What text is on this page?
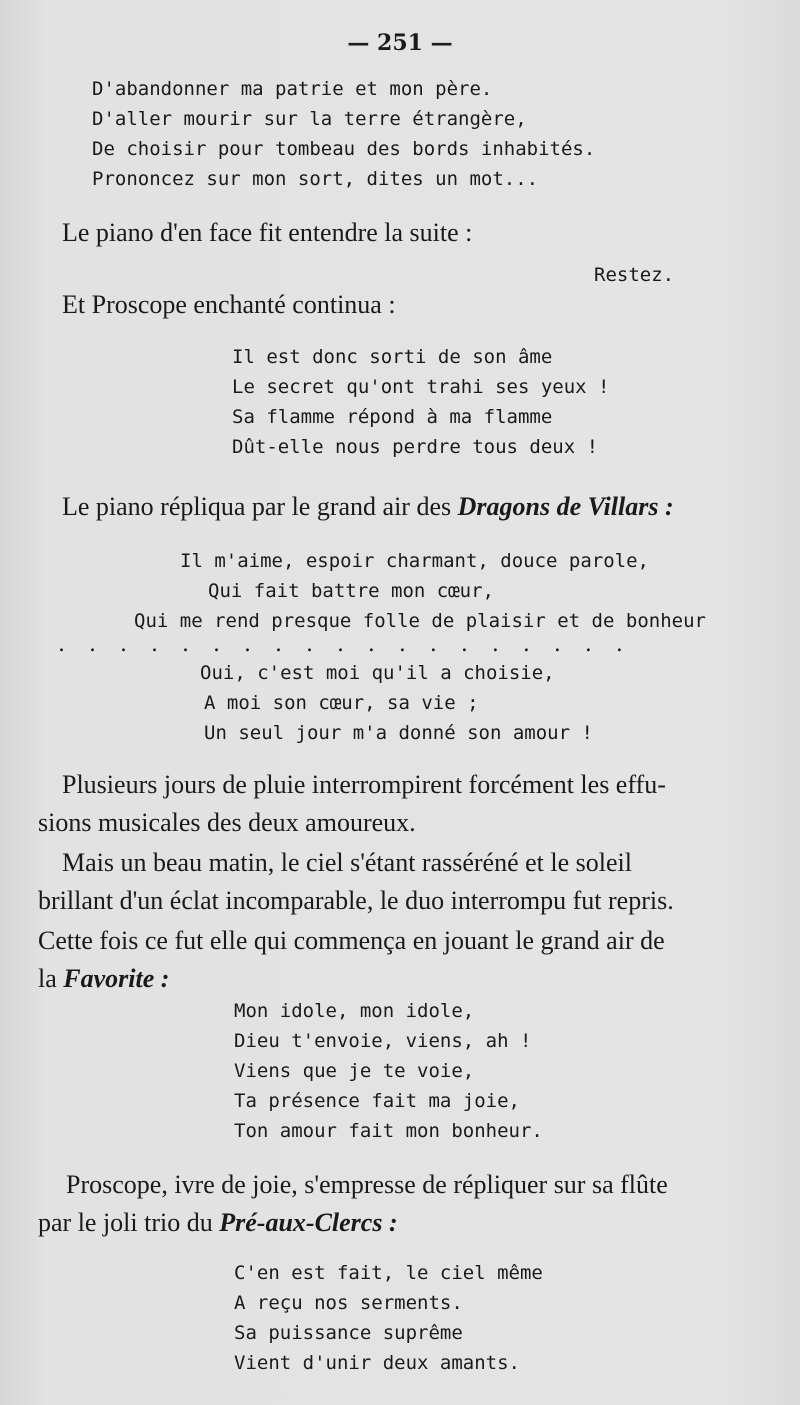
— 251 —
D'abandonner ma patrie et mon père.
D'aller mourir sur la terre étrangère,
De choisir pour tombeau des bords inhabités.
Prononcez sur mon sort, dites un mot...
Le piano d'en face fit entendre la suite :
Restez.
Et Proscope enchanté continua :
Il est donc sorti de son âme
Le secret qu'ont trahi ses yeux !
Sa flamme répond à ma flamme
Dût-elle nous perdre tous deux !
Le piano répliqua par le grand air des Dragons de Villars :
Il m'aime, espoir charmant, douce parole,
Qui fait battre mon cœur,
Qui me rend presque folle de plaisir et de bonheur
...................
Oui, c'est moi qu'il a choisie,
A moi son cœur, sa vie ;
Un seul jour m'a donné son amour !
Plusieurs jours de pluie interrompirent forcément les effu-
sions musicales des deux amoureux.
Mais un beau matin, le ciel s'étant rasséréné et le soleil
brillant d'un éclat incomparable, le duo interrompu fut repris.
Cette fois ce fut elle qui commença en jouant le grand air de
la Favorite :
Mon idole, mon idole,
Dieu t'envoie, viens, ah !
Viens que je te voie,
Ta présence fait ma joie,
Ton amour fait mon bonheur.
Proscope, ivre de joie, s'empresse de répliquer sur sa flûte
par le joli trio du Pré-aux-Clercs :
C'en est fait, le ciel même
A reçu nos serments.
Sa puissance suprême
Vient d'unir deux amants.
